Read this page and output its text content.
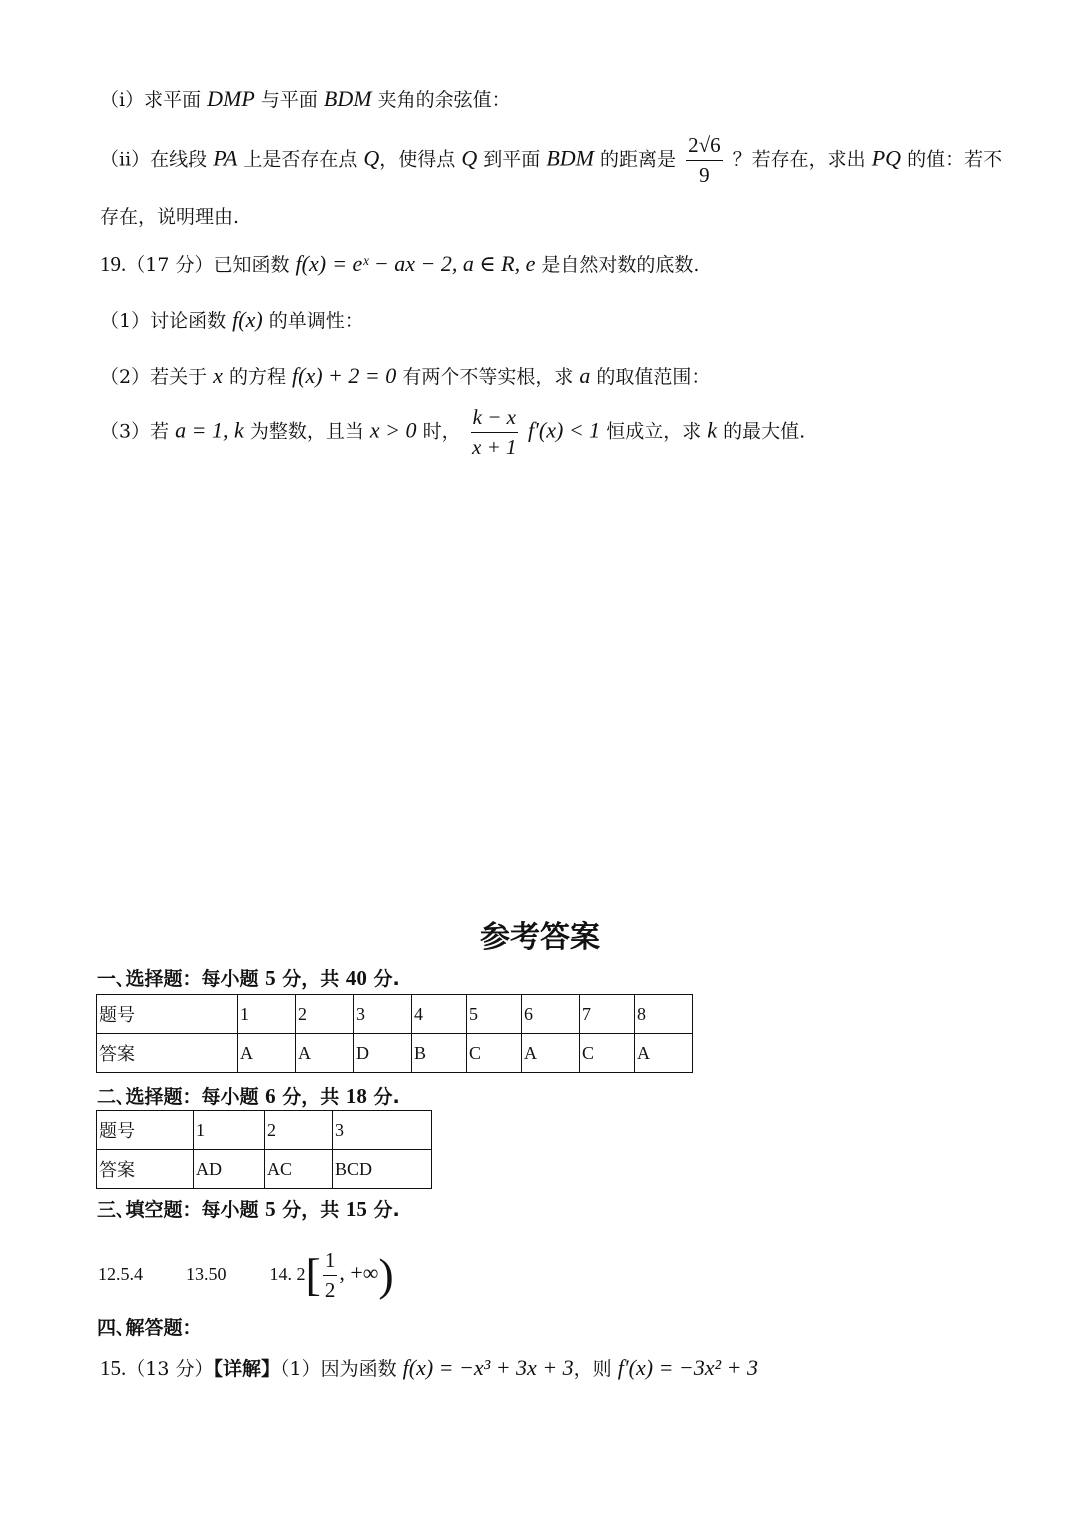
（i）求平面 DMP 与平面 BDM 夹角的余弦值：
（ii）在线段 PA 上是否存在点 Q，使得点 Q 到平面 BDM 的距离是 $\frac{2√6}{9}$ ？若存在，求出 PQ 的值：若不
存在，说明理由.
19.（17 分）已知函数 f(x) = eˣ − ax − 2, a ∈ R, e 是自然对数的底数.
（1）讨论函数 f(x) 的单调性：
（2）若关于 x 的方程 f(x) + 2 = 0 有两个不等实根，求 a 的取值范围：
（3）若 a = 1, k 为整数，且当 x > 0 时， $\frac{k - x}{x + 1} f'(x) < 1$ 恒成立，求 k 的最大值.
参考答案
一､选择题：每小题 5 分，共 40 分.
题号	1	2	3	4	5	6	7	8
答案	A	A	D	B	C	A	C	A
二､选择题：每小题 6 分，共 18 分.
题号	1	2	3
答案	AD	AC	BCD
三､填空题：每小题 5 分，共 15 分.
12.5.4 13.50 14. $2[ \frac{1}{2}$ , +∞)
四､解答题：
15.（13 分）【详解】（1）因为函数 f(x) = −x³ + 3x + 3，则 f′(x) = −3x² + 3
